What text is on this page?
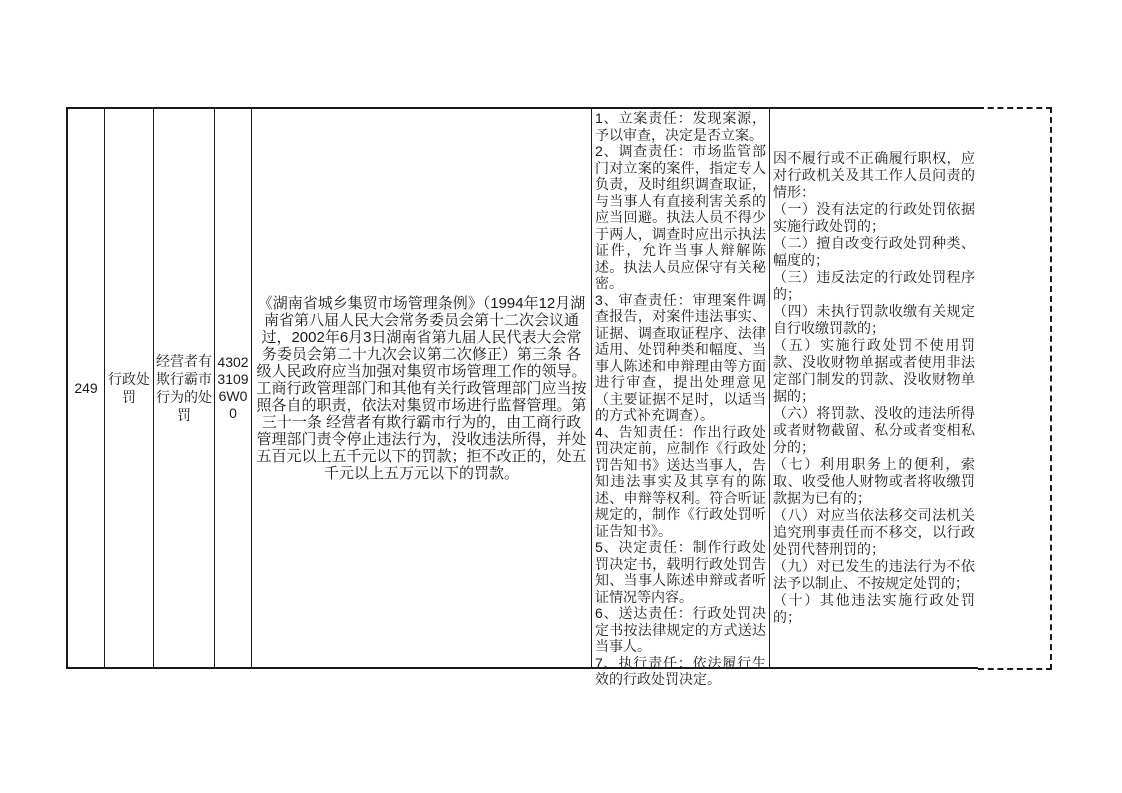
249
行政处罚
经营者有欺行霸市行为的处罚
430231096W00
《湖南省城乡集贸市场管理条例》（1994年12月湖南省第八届人民大会常务委员会第十二次会议通过，2002年6月3日湖南省第九届人民代表大会常务委员会第二十九次会议第二次修正）第三条 各级人民政府应当加强对集贸市场管理工作的领导。工商行政管理部门和其他有关行政管理部门应当按照各自的职责，依法对集贸市场进行监督管理。第三十一条 经营者有欺行霸市行为的，由工商行政管理部门责令停止违法行为，没收违法所得，并处五百元以上五千元以下的罚款；拒不改正的，处五千元以上五万元以下的罚款。
1、立案责任：发现案源，予以审查，决定是否立案。
2、调查责任：市场监管部门对立案的案件，指定专人负责，及时组织调查取证，与当事人有直接利害关系的应当回避。执法人员不得少于两人，调查时应出示执法证件，允许当事人辩解陈述。执法人员应保守有关秘密。
3、审查责任：审理案件调查报告，对案件违法事实、证据、调查取证程序、法律适用、处罚种类和幅度、当事人陈述和申辩理由等方面进行审查，提出处理意见（主要证据不足时，以适当的方式补充调查）。
4、告知责任：作出行政处罚决定前，应制作《行政处罚告知书》送达当事人，告知违法事实及其享有的陈述、申辩等权利。符合听证规定的，制作《行政处罚听证告知书》。
5、决定责任：制作行政处罚决定书，载明行政处罚告知、当事人陈述申辩或者听证情况等内容。
6、送达责任：行政处罚决定书按法律规定的方式送达当事人。
7、执行责任：依法履行生效的行政处罚决定。
因不履行或不正确履行职权，应对行政机关及其工作人员问责的情形：
（一）没有法定的行政处罚依据实施行政处罚的；
（二）擅自改变行政处罚种类、幅度的；
（三）违反法定的行政处罚程序的；
（四）未执行罚款收缴有关规定自行收缴罚款的；
（五）实施行政处罚不使用罚款、没收财物单据或者使用非法定部门制发的罚款、没收财物单据的；
（六）将罚款、没收的违法所得或者财物截留、私分或者变相私分的；
（七）利用职务上的便利，索取、收受他人财物或者将收缴罚款据为已有的；
（八）对应当依法移交司法机关追究刑事责任而不移交，以行政处罚代替刑罚的；
（九）对已发生的违法行为不依法予以制止、不按规定处罚的；
（十）其他违法实施行政处罚的；
